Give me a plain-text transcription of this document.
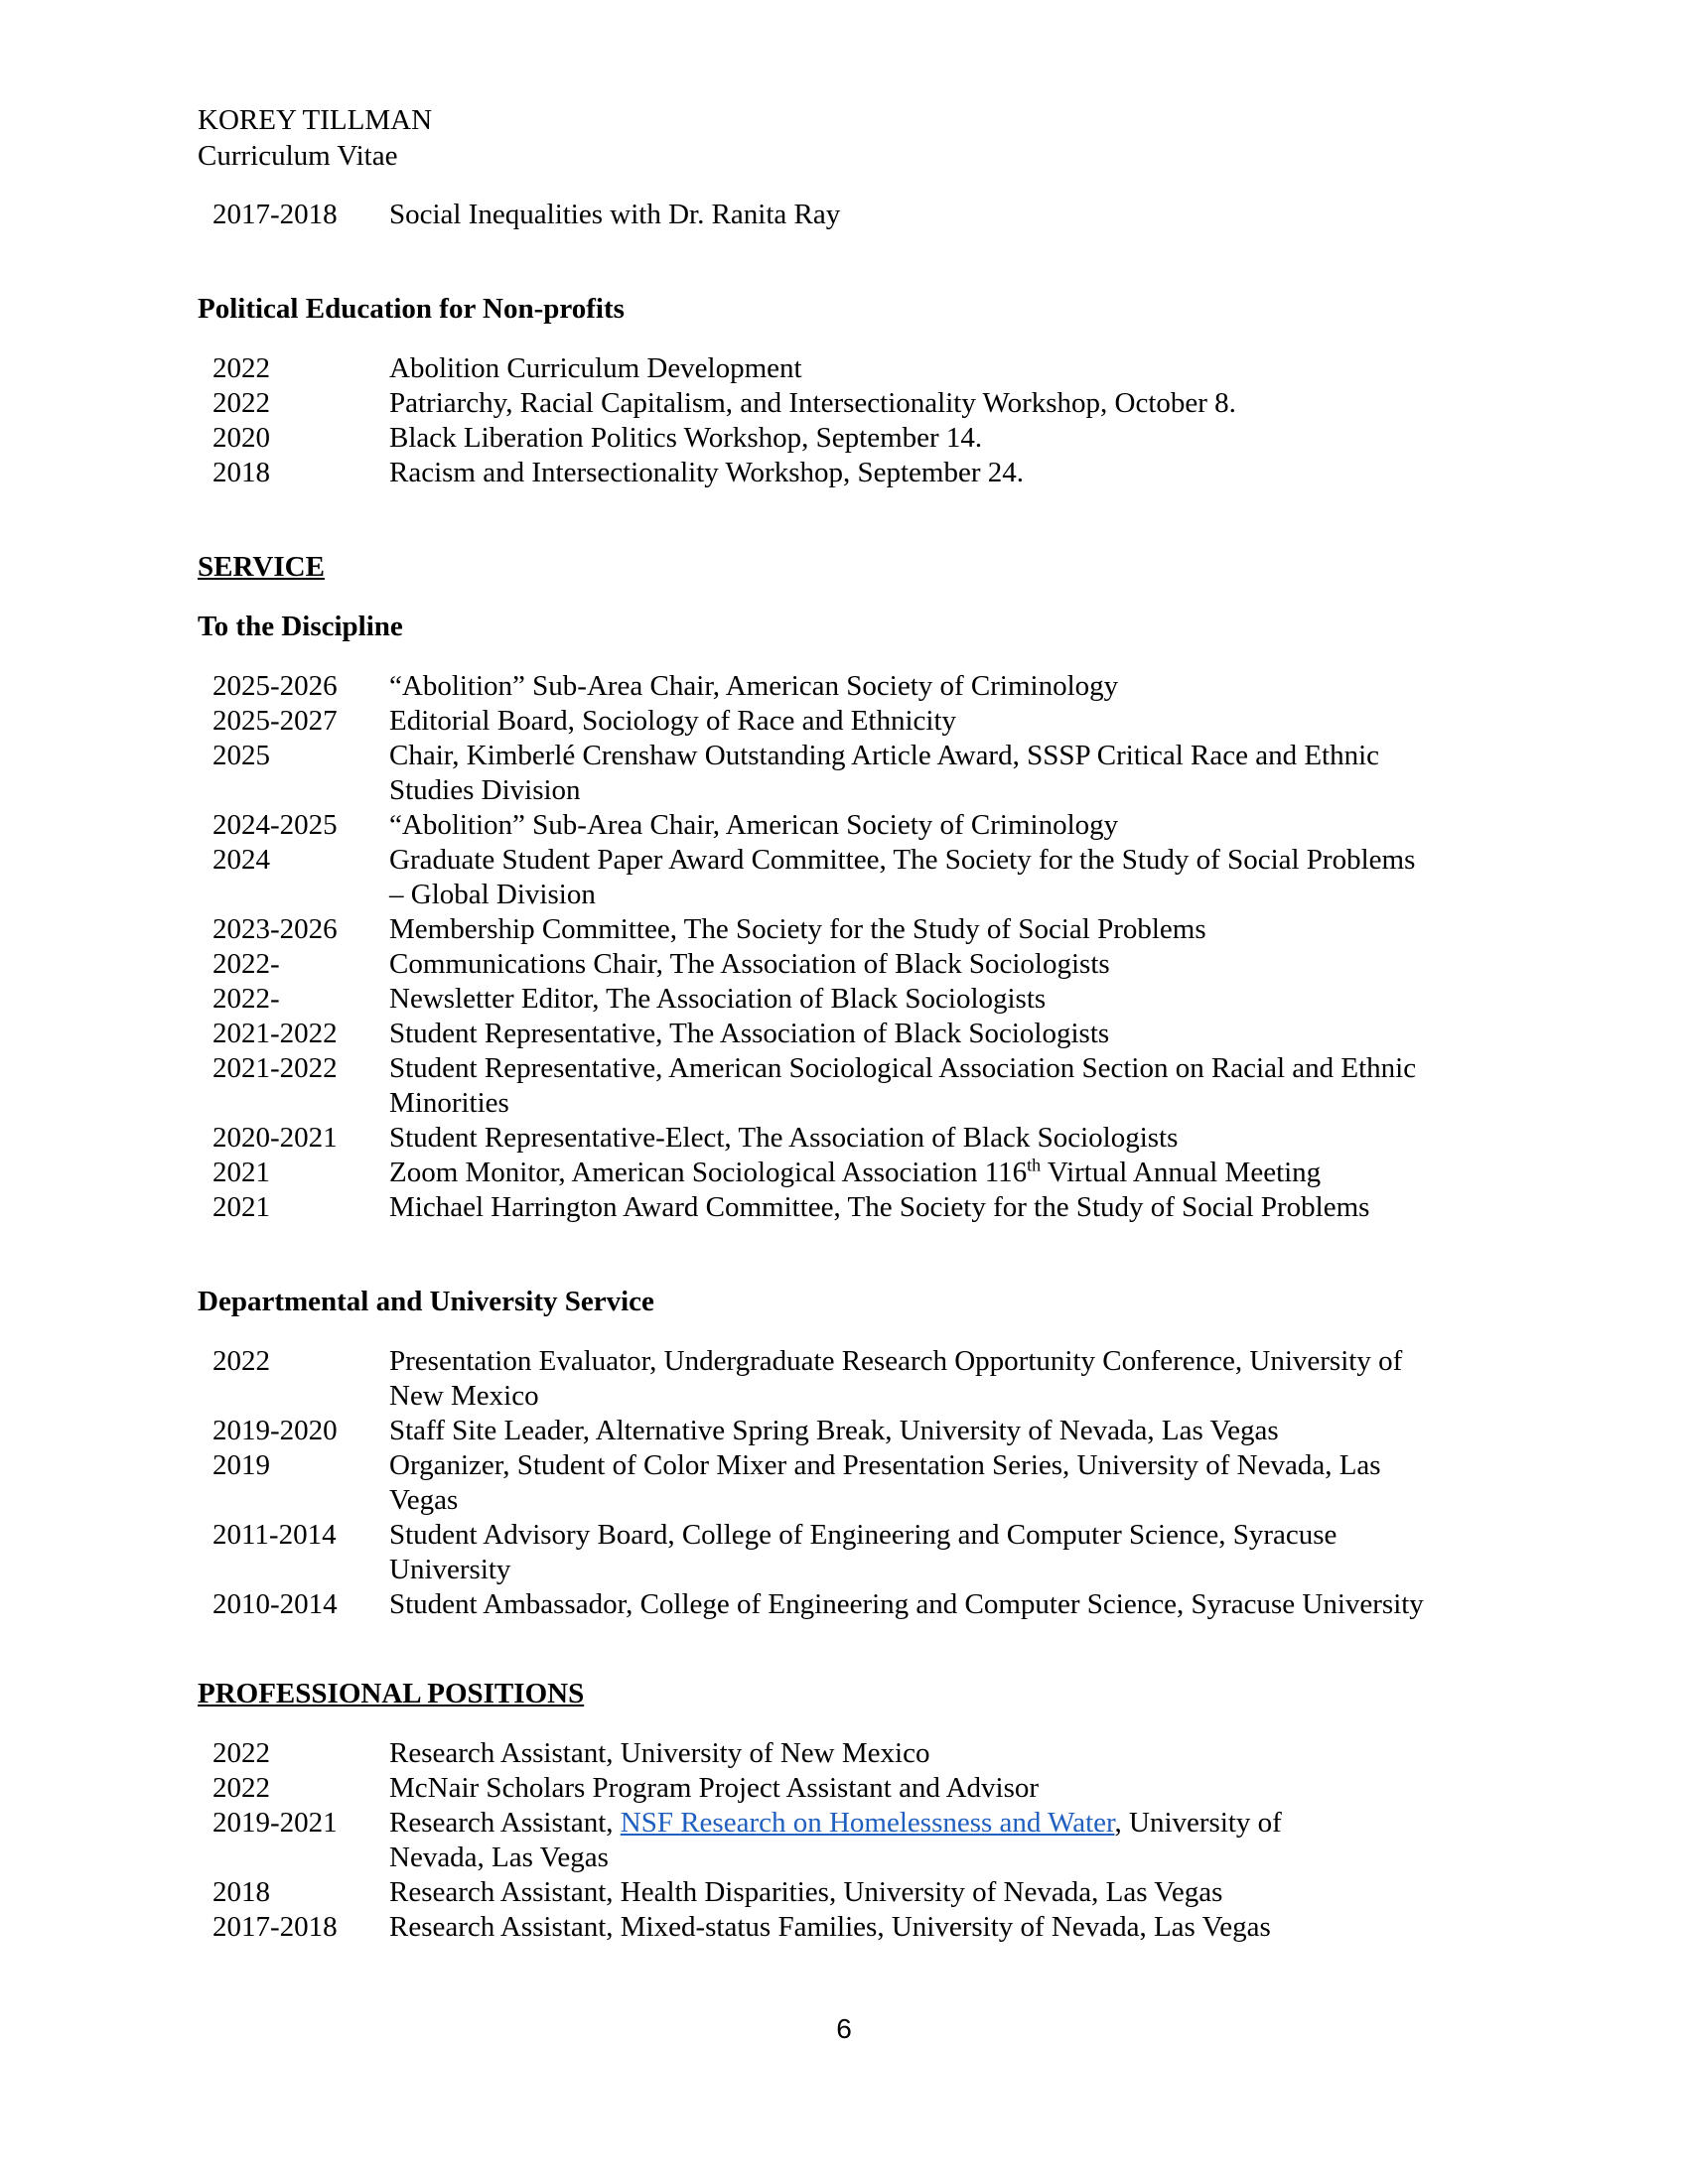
KOREY TILLMAN
Curriculum Vitae
2017-2018	Social Inequalities with Dr. Ranita Ray
Political Education for Non-profits
2022	Abolition Curriculum Development
2022	Patriarchy, Racial Capitalism, and Intersectionality Workshop, October 8.
2020	Black Liberation Politics Workshop, September 14.
2018	Racism and Intersectionality Workshop, September 24.
SERVICE
To the Discipline
2025-2026	“Abolition” Sub-Area Chair, American Society of Criminology
2025-2027	Editorial Board, Sociology of Race and Ethnicity
2025	Chair, Kimberlé Crenshaw Outstanding Article Award, SSSP Critical Race and Ethnic
Studies Division
2024-2025	“Abolition” Sub-Area Chair, American Society of Criminology
2024	Graduate Student Paper Award Committee, The Society for the Study of Social Problems
– Global Division
2023-2026	Membership Committee, The Society for the Study of Social Problems
2022-	Communications Chair, The Association of Black Sociologists
2022-	Newsletter Editor, The Association of Black Sociologists
2021-2022	Student Representative, The Association of Black Sociologists
2021-2022	Student Representative, American Sociological Association Section on Racial and Ethnic
Minorities
2020-2021	Student Representative-Elect, The Association of Black Sociologists
2021	Zoom Monitor, American Sociological Association 116th Virtual Annual Meeting
2021	Michael Harrington Award Committee, The Society for the Study of Social Problems
Departmental and University Service
2022	Presentation Evaluator, Undergraduate Research Opportunity Conference, University of
New Mexico
2019-2020	Staff Site Leader, Alternative Spring Break, University of Nevada, Las Vegas
2019	Organizer, Student of Color Mixer and Presentation Series, University of Nevada, Las
Vegas
2011-2014	Student Advisory Board, College of Engineering and Computer Science, Syracuse
University
2010-2014	Student Ambassador, College of Engineering and Computer Science, Syracuse University
PROFESSIONAL POSITIONS
2022	Research Assistant, University of New Mexico
2022	McNair Scholars Program Project Assistant and Advisor
2019-2021	Research Assistant, NSF Research on Homelessness and Water, University of
Nevada, Las Vegas
2018	Research Assistant, Health Disparities, University of Nevada, Las Vegas
2017-2018	Research Assistant, Mixed-status Families, University of Nevada, Las Vegas
6
